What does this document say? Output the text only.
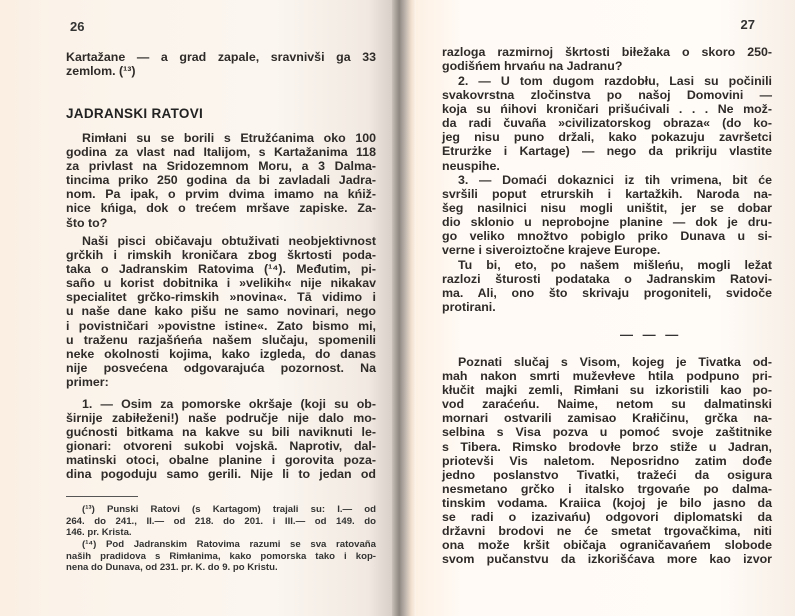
26
Kartažane — a grad zapale, sravnivši ga 33
zemlom. (¹³)
JADRANSKI RATOVI
Rimłani su se borili s Etružćanima oko 100
godina za vlast nad Italijom, s Kartažanima 118
za privlast na Sridozemnom Moru, a 3 Dalma-
tincima priko 250 godina da bi zavladali Jadra-
nom. Pa ipak, o prvim dvima imamo na kńiž-
nice kńiga, dok o trećem mršave zapiske. Za-
što to?
Naši pisci običavaju obtuživati neobjektivnost
grčkih i rimskih kroničara zbog škrtosti poda-
taka o Jadranskim Ratovima (¹⁴). Međutim, pi-
saño u korist dobitnika i »velikih« nije nikakav
specialitet grčko-rimskih »novina«. Tā vidimo i
u naše dane kako pišu ne samo novinari, nego
i povistničari »povistne istine«. Zato bismo mi,
u traženu razjašńeńa našem slučaju, spomenili
neke okolnosti kojima, kako izgleda, do danas
nije posvećena odgovarajuća pozornost. Na
primer:
1. — Osim za pomorske okršaje (koji su ob-
širnije zabiłeženi!) naše područje nije dalo mo-
gućnosti bitkama na kakve su bili naviknuti le-
gionari: otvoreni sukobi vojskā. Naprotiv, dal-
matinski otoci, obalne planine i gorovita poza-
dina pogoduju samo gerili. Nije li to jedan od
(¹³) Punski Ratovi (s Kartagom) trajali su: I.— od
264. do 241., II.— od 218. do 201. i III.— od 149. do
146. pr. Krista.
(¹⁴) Pod Jadranskim Ratovima razumi se sva ratovaña
naših pradidova s Rimłanima, kako pomorska tako i kop-
nena do Dunava, od 231. pr. K. do 9. po Kristu.
27
razloga razmirnoj škrtosti biłežaka o skoro 250-
godišńem hrvańu na Jadranu?
2. — U tom dugom razdobłu, Lasi su počinili
svakovrstna zločinstva po našoj Domovini —
koja su ńihovi kroničari prišućivali . . . Ne mož-
da radi čuvaña »civilizatorskog obraza« (do ko-
jeg nisu puno držali, kako pokazuju završetci
Etrurżke i Kartage) — nego da prikriju vlastite
neuspihe.
3. — Domaći dokaznici iz tih vrimena, bit će
svršili poput etrurskih i kartažkih. Naroda na-
šeg nasilnici nisu mogli uništit, jer se dobar
dio sklonio u neprobojne planine — dok je dru-
go veliko množtvo pobiglo priko Dunava u si-
verne i siveroiztočne krajeve Europe.
Tu bi, eto, po našem mišleńu, mogli ležat
razlozi šturosti podataka o Jadranskim Ratovi-
ma. Ali, ono što skrivaju progoniteli, svidoče
protirani.
— — —
Poznati slučaj s Visom, kojeg je Tivatka od-
mah nakon smrti muževłeve htila podpuno pri-
kłučit majki zemli, Rimłani su izkoristili kao po-
vod zaraćeńu. Naime, netom su dalmatinski
mornari ostvarili zamisao Krałičinu, grčka na-
selbina s Visa pozva u pomoć svoje zaštitnike
s Tibera. Rimsko brodovłe brzo stiže u Jadran,
priotevši Vis naletom. Neposridno zatim dođe
jedno poslanstvo Tivatki, tražeći da osigura
nesmetano grčko i italsko trgovańe po dalma-
tinskim vodama. Kraiica (kojoj je bilo jasno da
se radi o izazivańu) odgovori diplomatski da
državni brodovi ne će smetat trgovačkima, niti
ona može kršit običaja ograničavańem slobode
svom pučanstvu da izkorišćava more kao izvor
